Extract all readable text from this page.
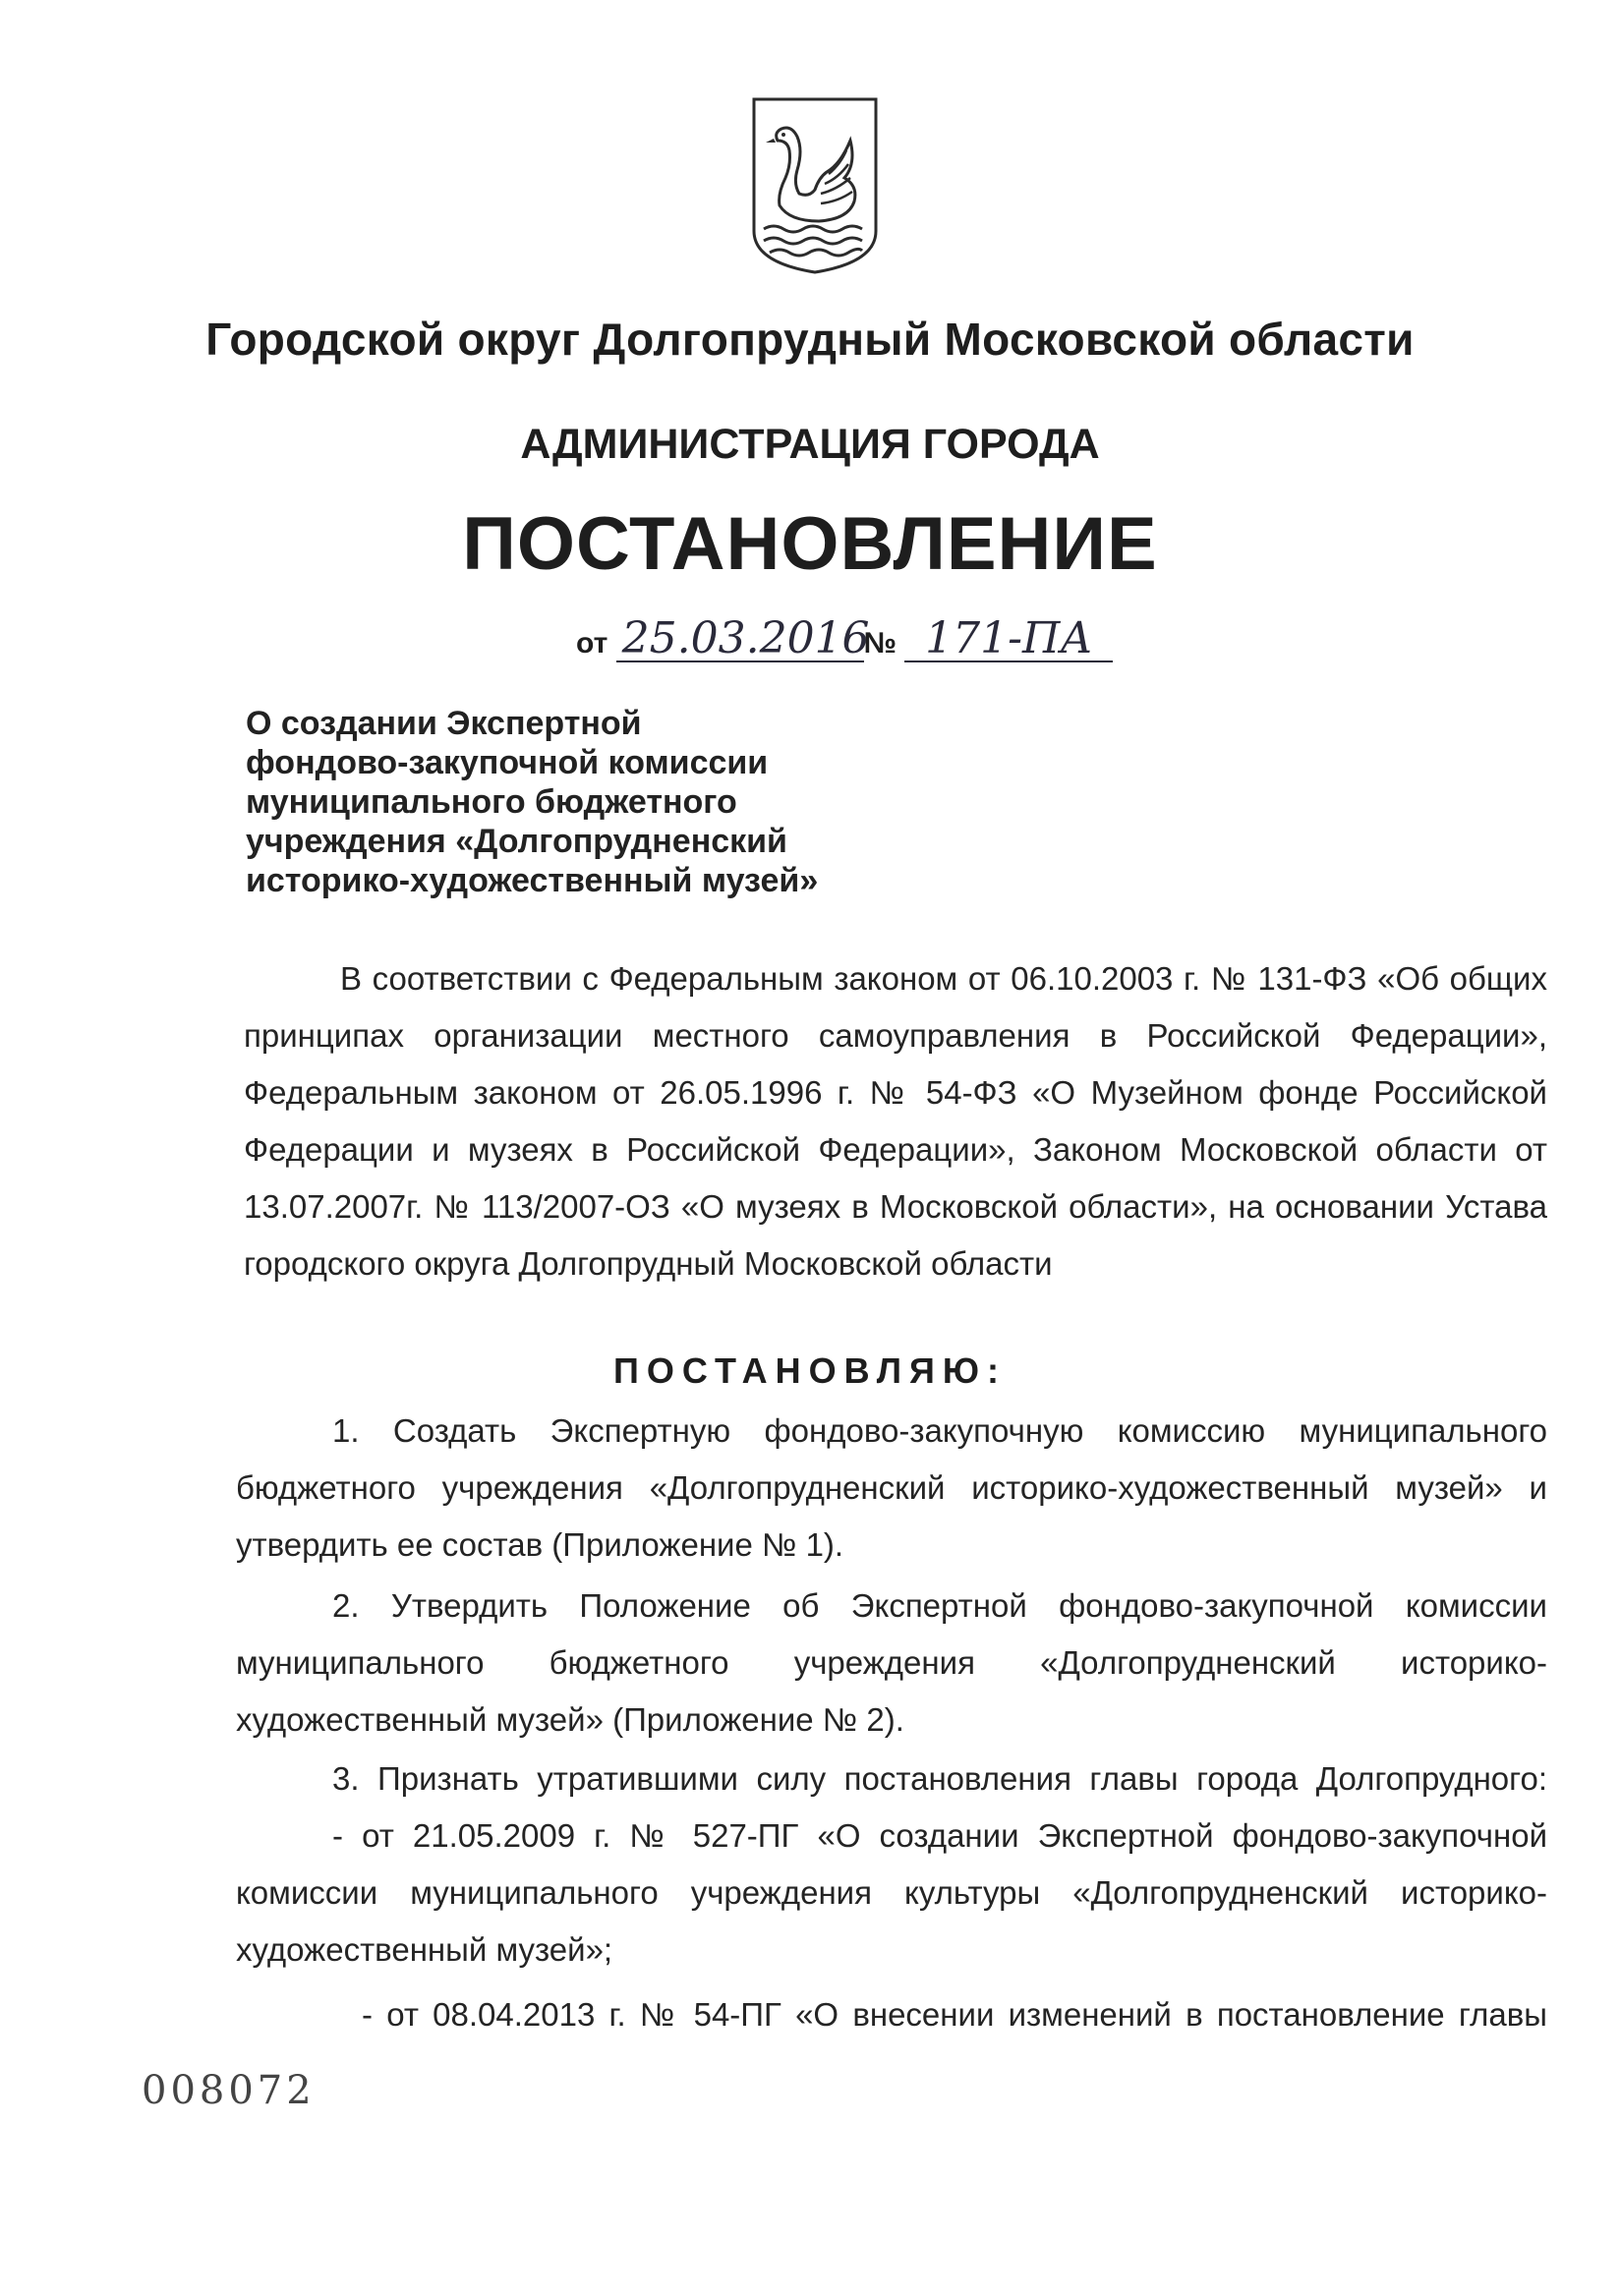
Городской округ Долгопрудный Московской области
АДМИНИСТРАЦИЯ ГОРОДА
ПОСТАНОВЛЕНИЕ
от 25.03.2016№ 171-ПА
О создании Экспертной
фондово-закупочной комиссии
муниципального бюджетного
учреждения «Долгопрудненский
историко-художественный музей»
В соответствии с Федеральным законом от 06.10.2003 г. № 131-ФЗ «Об общих
принципах организации местного самоуправления в Российской Федерации»,
Федеральным законом от 26.05.1996 г. № 54-ФЗ «О Музейном фонде Российской
Федерации и музеях в Российской Федерации», Законом Московской области от
13.07.2007г. № 113/2007-ОЗ «О музеях в Московской области», на основании Устава
городского округа Долгопрудный Московской области
ПОСТАНОВЛЯЮ:
1. Создать Экспертную фондово-закупочную комиссию муниципального
бюджетного учреждения «Долгопрудненский историко-художественный музей» и
утвердить ее состав (Приложение № 1).
2. Утвердить Положение об Экспертной фондово-закупочной комиссии
муниципального бюджетного учреждения «Долгопрудненский историко-
художественный музей» (Приложение № 2).
3. Признать утратившими силу постановления главы города Долгопрудного:
- от 21.05.2009 г. № 527-ПГ «О создании Экспертной фондово-закупочной
комиссии муниципального учреждения культуры «Долгопрудненский историко-
художественный музей»;
- от 08.04.2013 г. № 54-ПГ «О внесении изменений в постановление главы
008072
